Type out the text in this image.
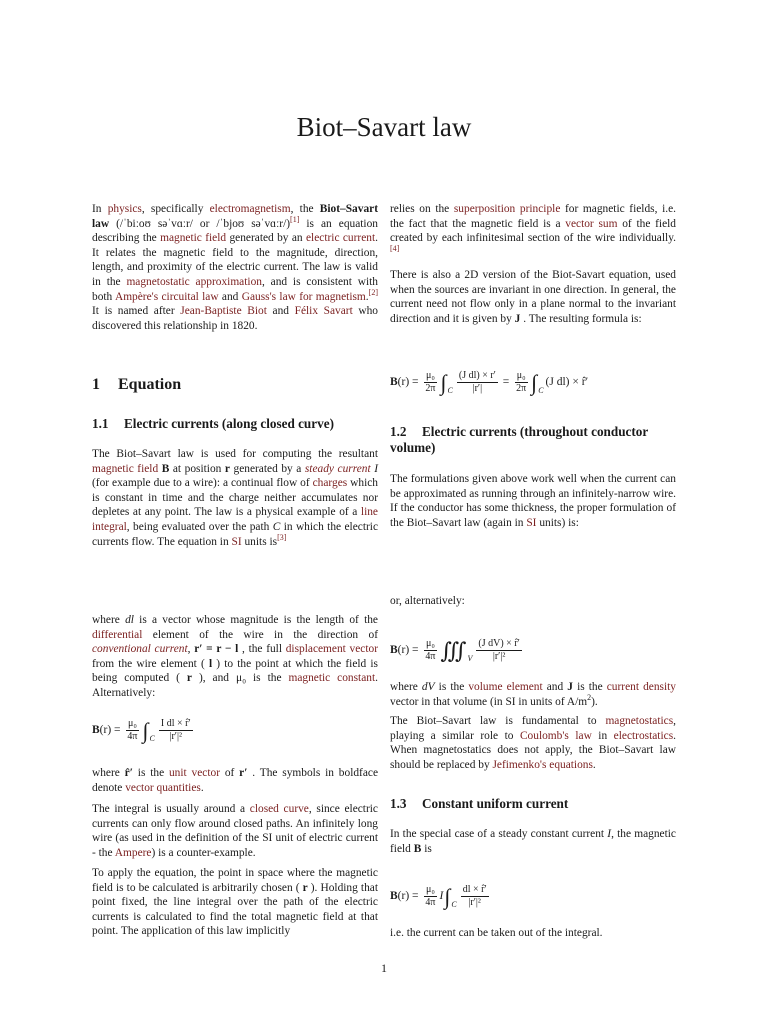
Biot–Savart law

In physics, specifically electromagnetism, the Biot–Savart law (/ˈbiːoʊ səˈvɑːr/ or /ˈbjoʊ səˈvɑːr/)[1] is an equation describing the magnetic field generated by an electric current. It relates the magnetic field to the magnitude, direction, length, and proximity of the electric current. The law is valid in the magnetostatic approximation, and is consistent with both Ampère's circuital law and Gauss's law for magnetism.[2] It is named after Jean-Baptiste Biot and Félix Savart who discovered this relationship in 1820.

1 Equation
1.1 Electric currents (along closed curve)

The Biot–Savart law is used for computing the resultant magnetic field B at position r generated by a steady current I (for example due to a wire): a continual flow of charges which is constant in time and the charge neither accumulates nor depletes at any point. The law is a physical example of a line integral, being evaluated over the path C in which the electric currents flow. The equation in SI units is[3]

where dl is a vector whose magnitude is the length of the differential element of the wire in the direction of conventional current, r′ = r − l , the full displacement vector from the wire element ( l ) to the point at which the field is being computed ( r ), and μ₀ is the magnetic constant. Alternatively:

B (r)
=
$\frac{\text{μ₀}}{4\pi}$ ∫ C $\frac{\text{I dl × r̂′}}{\text{|r′|²}}$

where r̂′ is the unit vector of r′ . The symbols in boldface denote vector quantities.

The integral is usually around a closed curve, since electric currents can only flow around closed paths. An infinitely long wire (as used in the definition of the SI unit of electric current - the Ampere) is a counter-example.

To apply the equation, the point in space where the magnetic field is to be calculated is arbitrarily chosen ( r ). Holding that point fixed, the line integral over the path of the electric currents is calculated to find the total magnetic field at that point. The application of this law implicitly

relies on the superposition principle for magnetic fields, i.e. the fact that the magnetic field is a vector sum of the field created by each infinitesimal section of the wire individually.[4]

There is also a 2D version of the Biot-Savart equation, used when the sources are invariant in one direction. In general, the current need not flow only in a plane normal to the invariant direction and it is given by J . The resulting formula is:

B (r)
=
$\frac{\text{μ₀}}{2\pi}$ ∫ C $\frac{\text{(J dl) × r′}}{|r'|}$
=
$\frac{\text{μ₀}}{2\pi}$ ∫ C
(J dl) × r̂′
1.2 Electric currents (throughout conductor volume)

The formulations given above work well when the current can be approximated as running through an infinitely-narrow wire. If the conductor has some thickness, the proper formulation of the Biot–Savart law (again in SI units) is:

or, alternatively:

B (r)
=
$\frac{\text{μ₀}}{4\pi}$ ∭ V $\frac{\text{(J dV) × r̂′}}{\text{|r′|²}}$

where dV is the volume element and J is the current density vector in that volume (in SI in units of $A/m^2$).

The Biot–Savart law is fundamental to magnetostatics, playing a similar role to Coulomb's law in electrostatics. When magnetostatics does not apply, the Biot–Savart law should be replaced by Jefimenko's equations.

1.3 Constant uniform current

In the special case of a steady constant current I, the magnetic field B is

B (r)
=
$\frac{\text{μ₀}}{4\pi}$ I ∫ C $\frac{dl \times r̂'}{\text{|r′|²}}$

i.e. the current can be taken out of the integral.

1
